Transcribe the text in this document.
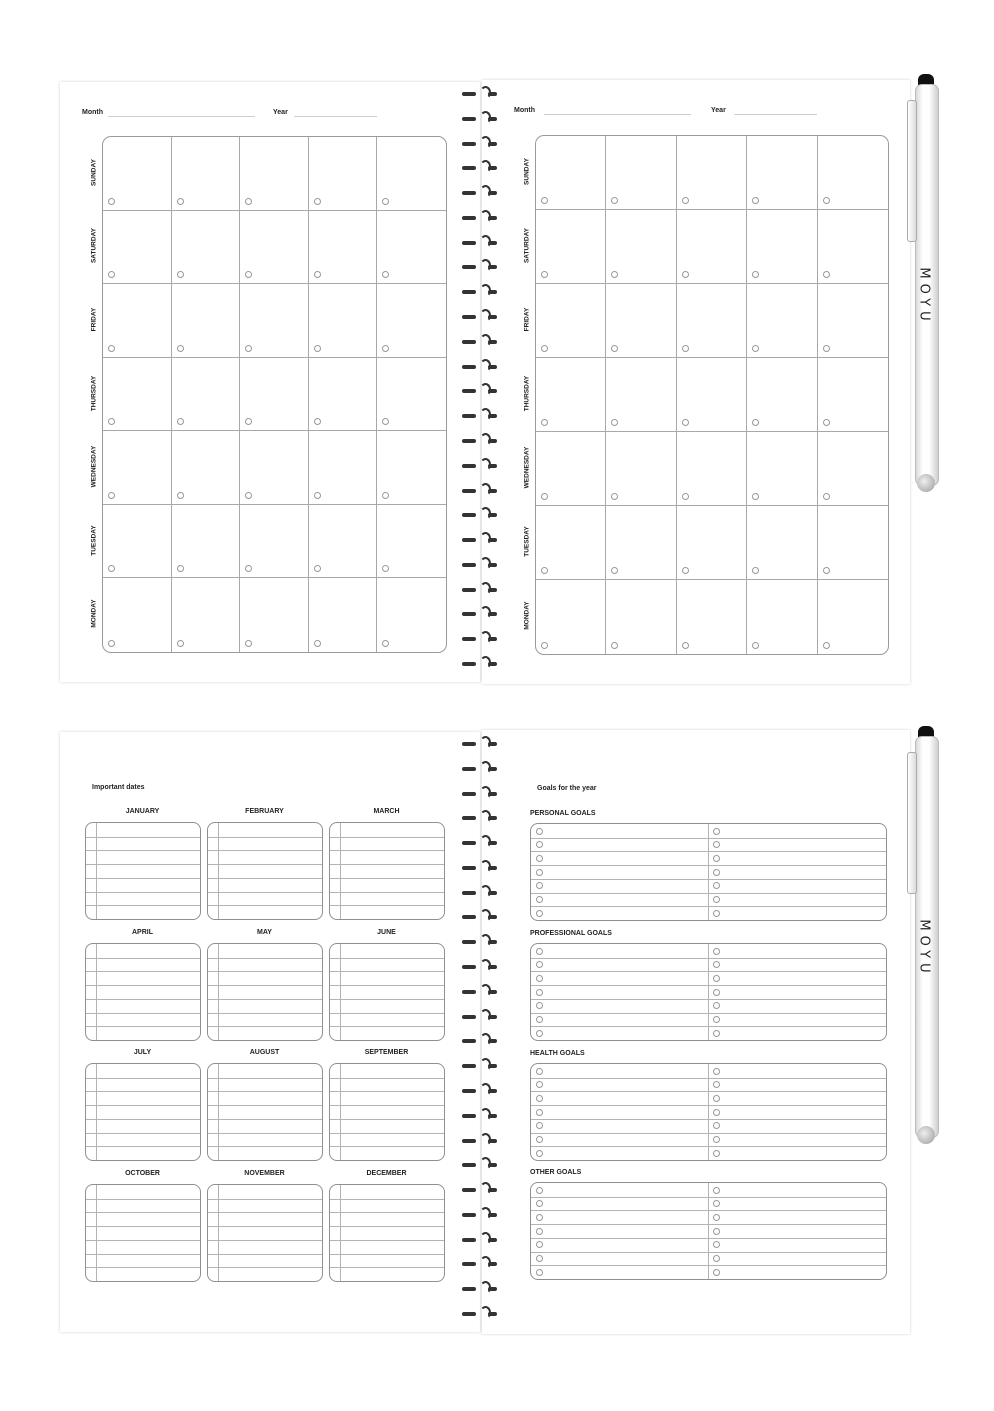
Month	Year	Month	Year
SUNDAY
SATURDAY
FRIDAY
THURSDAY
WEDNESDAY
TUESDAY
MONDAY
SUNDAY
SATURDAY
FRIDAY
THURSDAY
WEDNESDAY
TUESDAY
MONDAY
MOYU
Important dates
JANUARY	FEBRUARY	MARCH
APRIL	MAY	JUNE
JULY	AUGUST	SEPTEMBER
OCTOBER	NOVEMBER	DECEMBER
Goals for the year
PERSONAL GOALS
PROFESSIONAL GOALS
HEALTH GOALS
OTHER GOALS
MOYU
